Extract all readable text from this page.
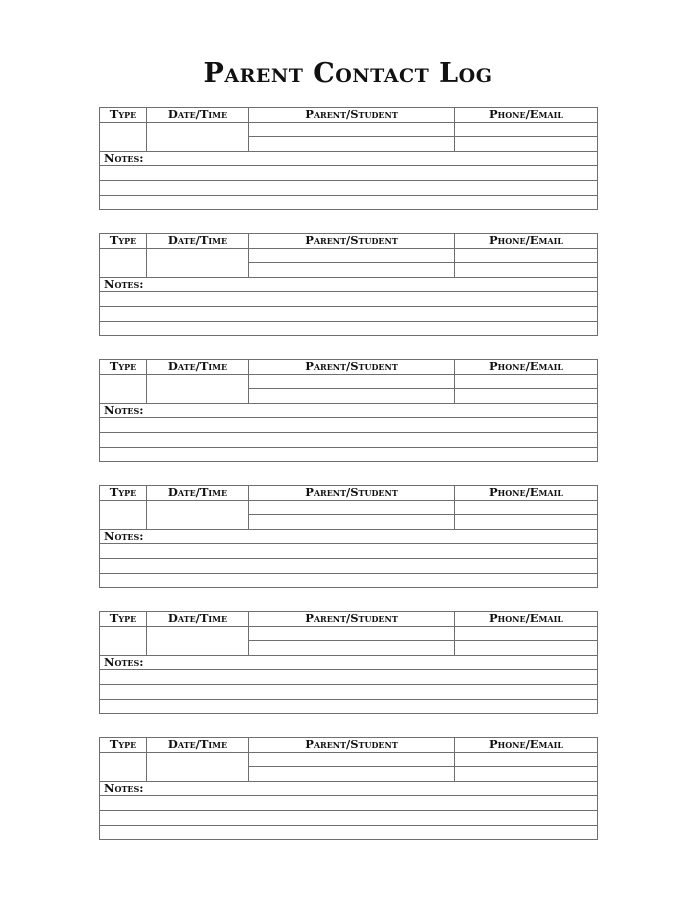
Parent Contact Log
Type	Date/Time	Parent/Student	Phone/Email

Notes:			

Type	Date/Time	Parent/Student	Phone/Email

Notes:			

Type	Date/Time	Parent/Student	Phone/Email

Notes:			

Type	Date/Time	Parent/Student	Phone/Email

Notes:			

Type	Date/Time	Parent/Student	Phone/Email

Notes:			

Type	Date/Time	Parent/Student	Phone/Email

Notes:			
